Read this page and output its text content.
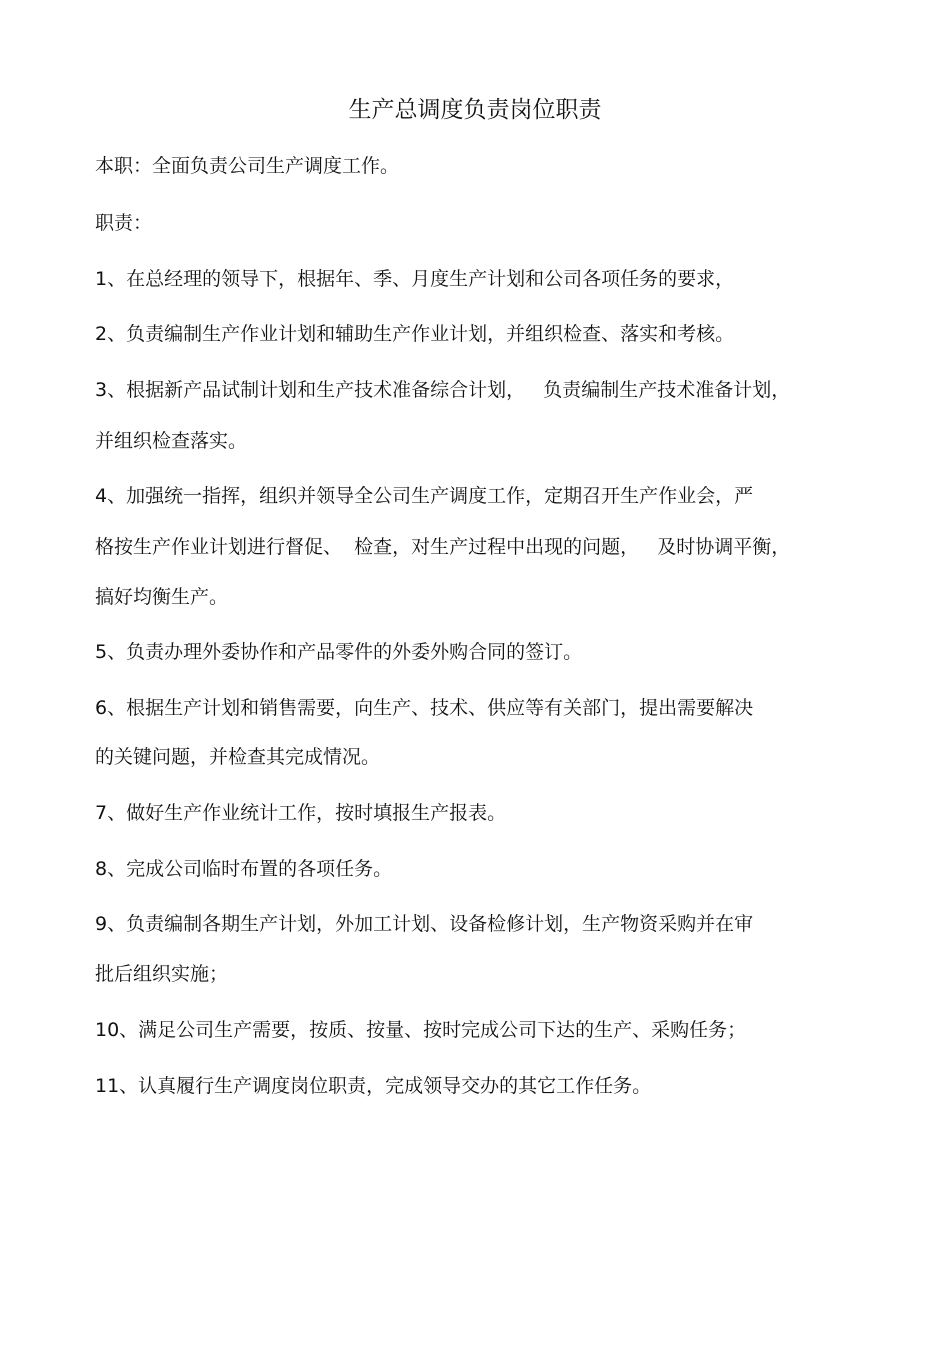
生产总调度负责岗位职责
本职：全面负责公司生产调度工作。
职责：
1、在总经理的领导下，根据年、季、月度生产计划和公司各项任务的要求，
2、负责编制生产作业计划和辅助生产作业计划，并组织检查、落实和考核。
3、根据新产品试制计划和生产技术准备综合计划，   负责编制生产技术准备计划，
并组织检查落实。
4、加强统一指挥，组织并领导全公司生产调度工作，定期召开生产作业会，严
格按生产作业计划进行督促、  检查，对生产过程中出现的问题，   及时协调平衡，
搞好均衡生产。
5、负责办理外委协作和产品零件的外委外购合同的签订。
6、根据生产计划和销售需要，向生产、技术、供应等有关部门，提出需要解决
的关键问题，并检查其完成情况。
7、做好生产作业统计工作，按时填报生产报表。
8、完成公司临时布置的各项任务。
9、负责编制各期生产计划，外加工计划、设备检修计划，生产物资采购并在审
批后组织实施；
10、满足公司生产需要，按质、按量、按时完成公司下达的生产、采购任务；
11、认真履行生产调度岗位职责，完成领导交办的其它工作任务。
